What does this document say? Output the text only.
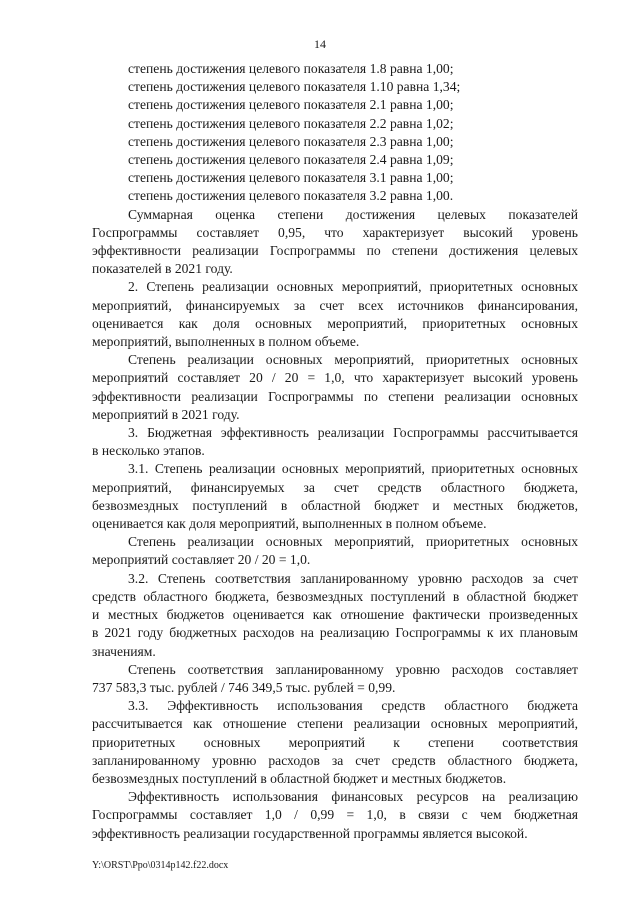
14
степень достижения целевого показателя 1.8 равна 1,00;
степень достижения целевого показателя 1.10 равна 1,34;
степень достижения целевого показателя 2.1 равна 1,00;
степень достижения целевого показателя 2.2 равна 1,02;
степень достижения целевого показателя 2.3 равна 1,00;
степень достижения целевого показателя 2.4 равна 1,09;
степень достижения целевого показателя 3.1 равна 1,00;
степень достижения целевого показателя 3.2 равна 1,00.
Суммарная оценка степени достижения целевых показателей
Госпрограммы составляет 0,95, что характеризует высокий уровень
эффективности реализации Госпрограммы по степени достижения целевых
показателей в 2021 году.
2. Степень реализации основных мероприятий, приоритетных основных
мероприятий, финансируемых за счет всех источников финансирования,
оценивается как доля основных мероприятий, приоритетных основных
мероприятий, выполненных в полном объеме.
Степень реализации основных мероприятий, приоритетных основных
мероприятий составляет 20 / 20 = 1,0, что характеризует высокий уровень
эффективности реализации Госпрограммы по степени реализации основных
мероприятий в 2021 году.
3. Бюджетная эффективность реализации Госпрограммы рассчитывается
в несколько этапов.
3.1. Степень реализации основных мероприятий, приоритетных основных
мероприятий, финансируемых за счет средств областного бюджета,
безвозмездных поступлений в областной бюджет и местных бюджетов,
оценивается как доля мероприятий, выполненных в полном объеме.
Степень реализации основных мероприятий, приоритетных основных
мероприятий составляет 20 / 20 = 1,0.
3.2. Степень соответствия запланированному уровню расходов за счет
средств областного бюджета, безвозмездных поступлений в областной бюджет
и местных бюджетов оценивается как отношение фактически произведенных
в 2021 году бюджетных расходов на реализацию Госпрограммы к их плановым
значениям.
Степень соответствия запланированному уровню расходов составляет
737 583,3 тыс. рублей / 746 349,5 тыс. рублей = 0,99.
3.3. Эффективность использования средств областного бюджета
рассчитывается как отношение степени реализации основных мероприятий,
приоритетных основных мероприятий к степени соответствия
запланированному уровню расходов за счет средств областного бюджета,
безвозмездных поступлений в областной бюджет и местных бюджетов.
Эффективность использования финансовых ресурсов на реализацию
Госпрограммы составляет 1,0 / 0,99 = 1,0, в связи с чем бюджетная
эффективность реализации государственной программы является высокой.
Y:\ORST\Ppo\0314p142.f22.docx
